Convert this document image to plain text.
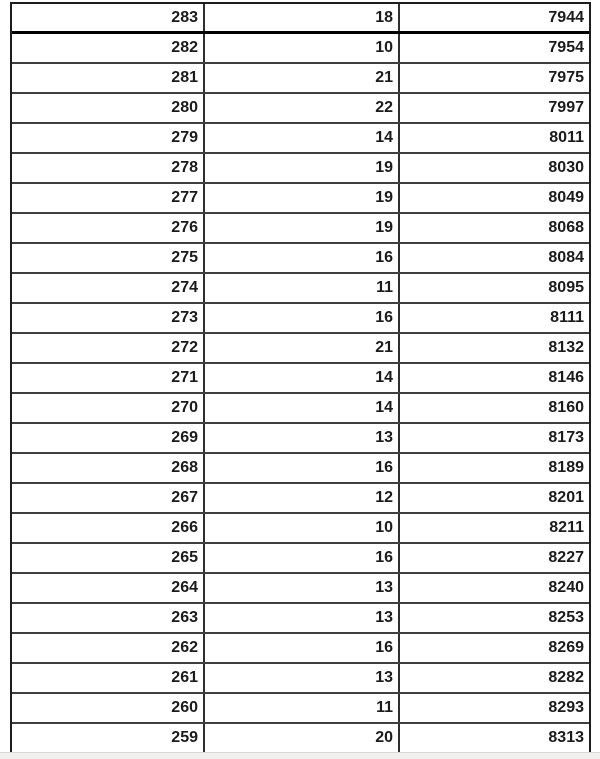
283	18	7944
282	10	7954
281	21	7975
280	22	7997
279	14	8011
278	19	8030
277	19	8049
276	19	8068
275	16	8084
274	11	8095
273	16	8111
272	21	8132
271	14	8146
270	14	8160
269	13	8173
268	16	8189
267	12	8201
266	10	8211
265	16	8227
264	13	8240
263	13	8253
262	16	8269
261	13	8282
260	11	8293
259	20	8313
